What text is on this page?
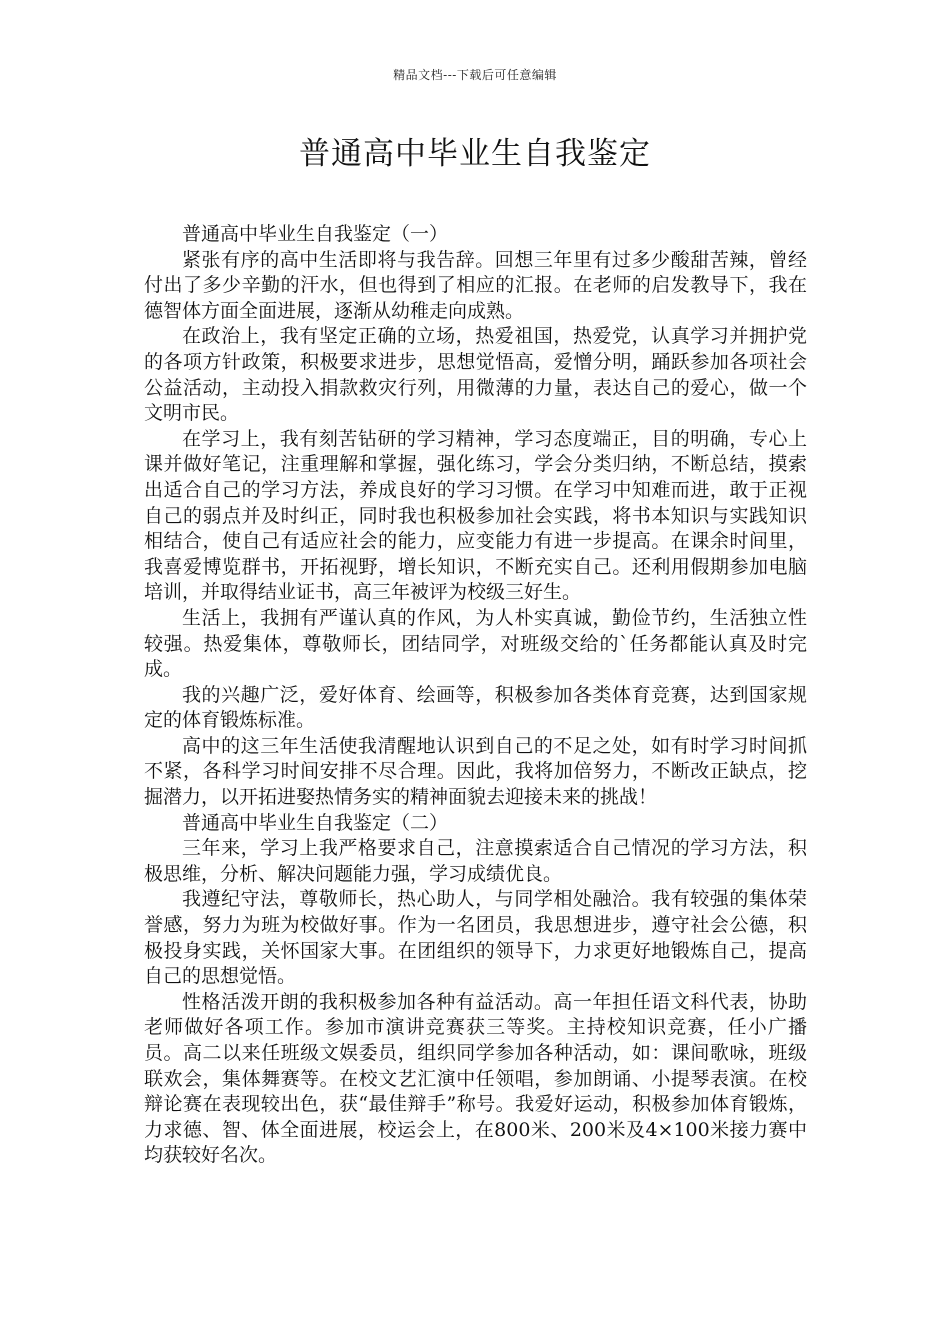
精品文档---下载后可任意编辑
普通高中毕业生自我鉴定

普通高中毕业生自我鉴定（一）

紧张有序的高中生活即将与我告辞。回想三年里有过多少酸甜苦辣，曾经付出了多少辛勤的汗水，但也得到了相应的汇报。在老师的启发教导下，我在德智体方面全面进展，逐渐从幼稚走向成熟。

在政治上，我有坚定正确的立场，热爱祖国，热爱党，认真学习并拥护党的各项方针政策，积极要求进步，思想觉悟高，爱憎分明，踊跃参加各项社会公益活动，主动投入捐款救灾行列，用微薄的力量，表达自己的爱心，做一个文明市民。

在学习上，我有刻苦钻研的学习精神，学习态度端正，目的明确，专心上课并做好笔记，注重理解和掌握，强化练习，学会分类归纳，不断总结，摸索出适合自己的学习方法，养成良好的学习习惯。在学习中知难而进，敢于正视自己的弱点并及时纠正，同时我也积极参加社会实践，将书本知识与实践知识相结合，使自己有适应社会的能力，应变能力有进一步提高。在课余时间里，我喜爱博览群书，开拓视野，增长知识，不断充实自己。还利用假期参加电脑培训，并取得结业证书，高三年被评为校级三好生。

生活上，我拥有严谨认真的作风，为人朴实真诚，勤俭节约，生活独立性较强。热爱集体，尊敬师长，团结同学，对班级交给的`任务都能认真及时完成。

我的兴趣广泛，爱好体育、绘画等，积极参加各类体育竞赛，达到国家规定的体育锻炼标准。

高中的这三年生活使我清醒地认识到自己的不足之处，如有时学习时间抓不紧，各科学习时间安排不尽合理。因此，我将加倍努力，不断改正缺点，挖掘潜力，以开拓进娶热情务实的精神面貌去迎接未来的挑战！

普通高中毕业生自我鉴定（二）

三年来，学习上我严格要求自己，注意摸索适合自己情况的学习方法，积极思维，分析、解决问题能力强，学习成绩优良。

我遵纪守法，尊敬师长，热心助人，与同学相处融洽。我有较强的集体荣誉感，努力为班为校做好事。作为一名团员，我思想进步，遵守社会公德，积极投身实践，关怀国家大事。在团组织的领导下，力求更好地锻炼自己，提高自己的思想觉悟。

性格活泼开朗的我积极参加各种有益活动。高一年担任语文科代表，协助老师做好各项工作。参加市演讲竞赛获三等奖。主持校知识竞赛，任小广播员。高二以来任班级文娱委员，组织同学参加各种活动，如：课间歌咏，班级联欢会，集体舞赛等。在校文艺汇演中任领唱，参加朗诵、小提琴表演。在校辩论赛在表现较出色，获“最佳辩手”称号。我爱好运动，积极参加体育锻炼，力求德、智、体全面进展，校运会上，在800米、200米及4×100米接力赛中均获较好名次。
